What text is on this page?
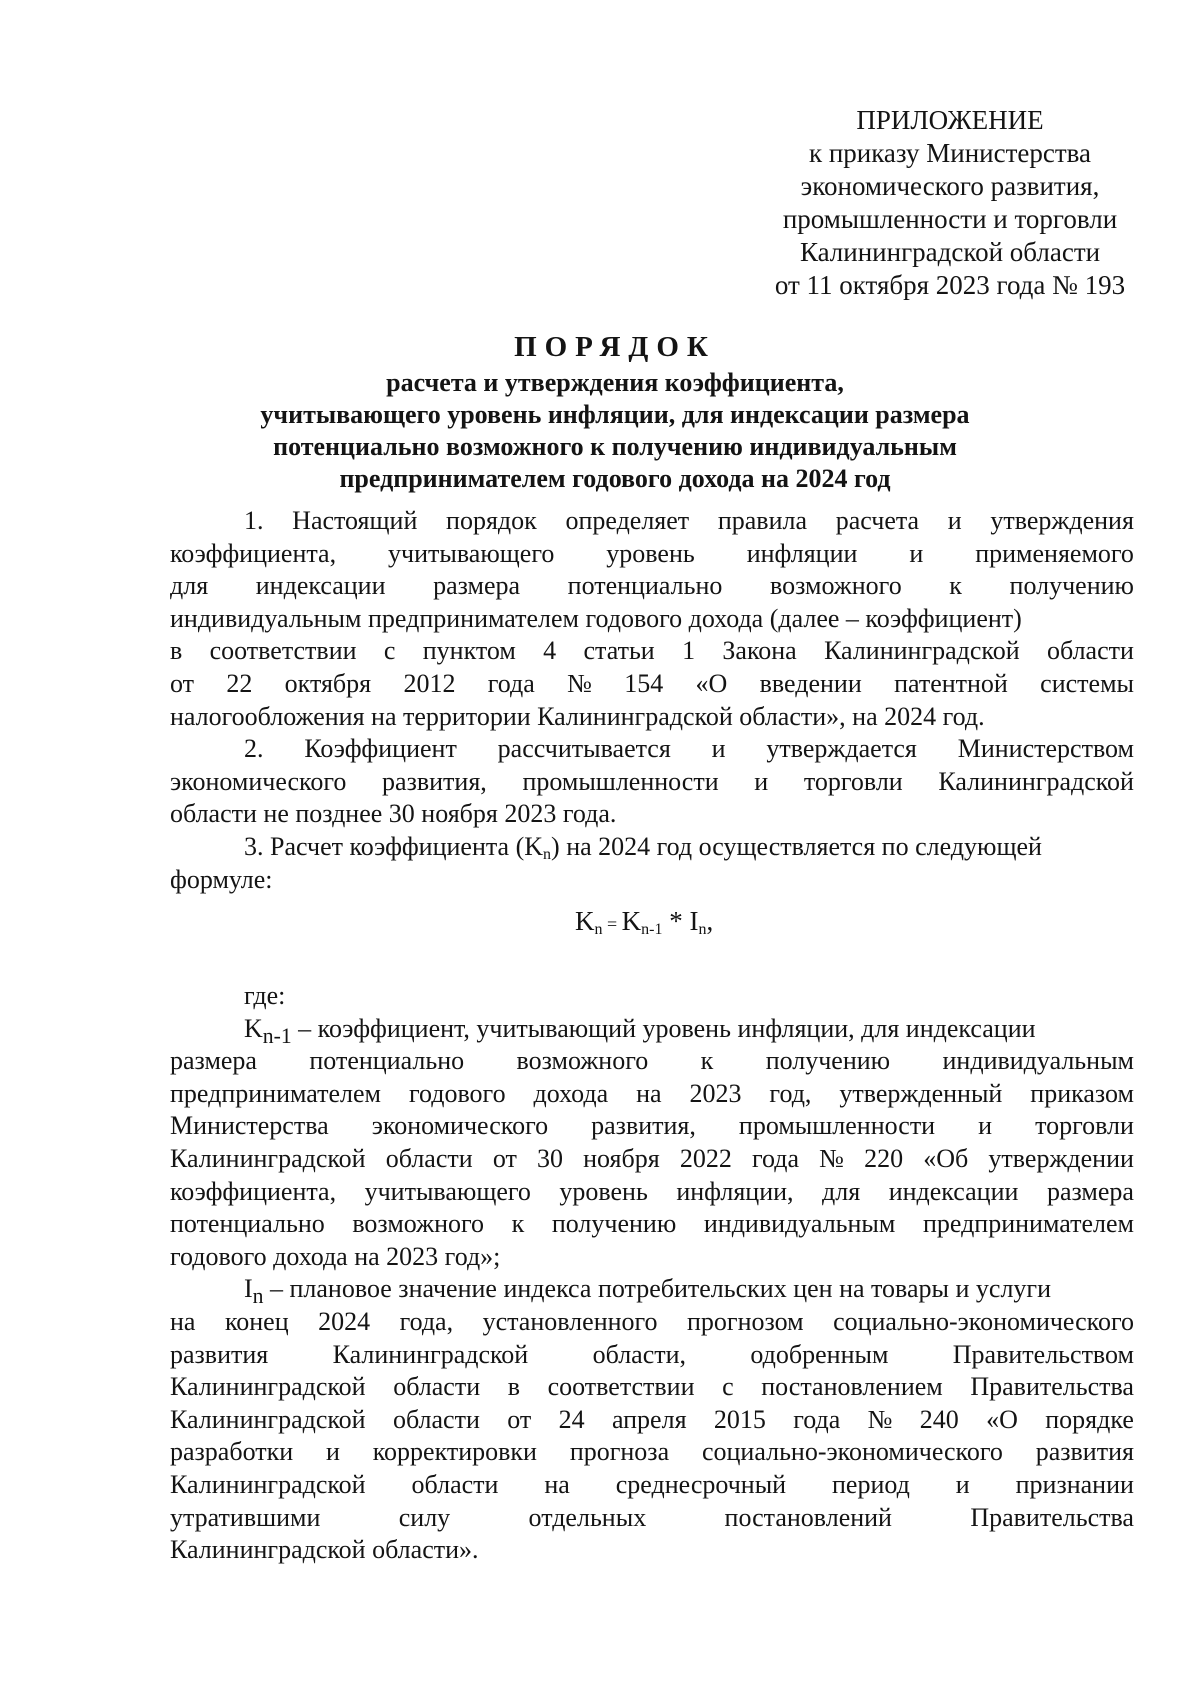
ПРИЛОЖЕНИЕ
к приказу Министерства
экономического развития,
промышленности и торговли
Калининградской области
от 11 октября 2023 года № 193
ПОРЯДОК
расчета и утверждения коэффициента,
учитывающего уровень инфляции, для индексации размера
потенциально возможного к получению индивидуальным
предпринимателем годового дохода на 2024 год
1. Настоящий порядок определяет правила расчета и утверждения
коэффициента, учитывающего уровень инфляции и применяемого
для индексации размера потенциально возможного к получению
индивидуальным предпринимателем годового дохода (далее – коэффициент)
в соответствии с пунктом 4 статьи 1 Закона Калининградской области
от 22 октября 2012 года № 154 «О введении патентной системы
налогообложения на территории Калининградской области», на 2024 год.
2. Коэффициент рассчитывается и утверждается Министерством
экономического развития, промышленности и торговли Калининградской
области не позднее 30 ноября 2023 года.
3. Расчет коэффициента $(K_n)$ на 2024 год осуществляется по следующей
формуле:
$K_n = K_{n-1} * I_n$,
где:
$K_{n-1}$ – коэффициент, учитывающий уровень инфляции, для индексации
размера потенциально возможного к получению индивидуальным
предпринимателем годового дохода на 2023 год, утвержденный приказом
Министерства экономического развития, промышленности и торговли
Калининградской области от 30 ноября 2022 года № 220 «Об утверждении
коэффициента, учитывающего уровень инфляции, для индексации размера
потенциально возможного к получению индивидуальным предпринимателем
годового дохода на 2023 год»;
$I_n$ – плановое значение индекса потребительских цен на товары и услуги
на конец 2024 года, установленного прогнозом социально-экономического
развития Калининградской области, одобренным Правительством
Калининградской области в соответствии с постановлением Правительства
Калининградской области от 24 апреля 2015 года № 240 «О порядке
разработки и корректировки прогноза социально-экономического развития
Калининградской области на среднесрочный период и признании
утратившими	силу	отдельных	постановлений	Правительства
Калининградской области».
